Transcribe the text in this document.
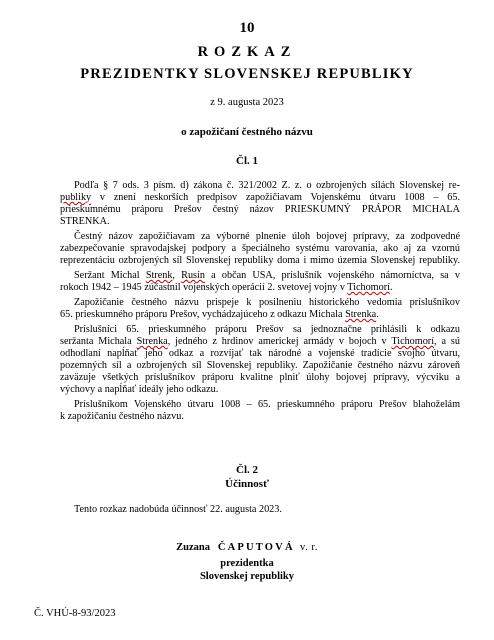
10
ROZKAZ
PREZIDENTKY SLOVENSKEJ REPUBLIKY
z 9. augusta 2023
o zapožičaní čestného názvu
Čl. 1
Podľa § 7 ods. 3 písm. d) zákona č. 321/2002 Z. z. o ozbrojených silách Slovenskej re-
publiky v znení neskorších predpisov zapožičiavam Vojenskému útvaru 1008 – 65.
prieskumnému práporu Prešov čestný názov PRIESKUMNÝ PRÁPOR MICHALA
STRENKA.
Čestný názov zapožičiavam za výborné plnenie úloh bojovej prípravy, za zodpovedné
zabezpečovanie spravodajskej podpory a špeciálneho systému varovania, ako aj za vzornú
reprezentáciu ozbrojených síl Slovenskej republiky doma i mimo územia Slovenskej republiky.
Seržant Michal Strenk, Rusín a občan USA, príslušník vojenského námorníctva, sa v
rokoch 1942 – 1945 zúčastnil vojenských operácií 2. svetovej vojny v Tichomorí.
Zapožičanie čestného názvu prispeje k posilneniu historického vedomia príslušníkov
65. prieskumného práporu Prešov, vychádzajúceho z odkazu Michala Strenka.
Príslušníci 65. prieskumného práporu Prešov sa jednoznačne prihlásili k odkazu
seržanta Michala Strenka, jedného z hrdinov americkej armády v bojoch v Tichomorí, a sú
odhodlaní napĺňať jeho odkaz a rozvíjať tak národné a vojenské tradície svojho útvaru,
pozemných síl a ozbrojených síl Slovenskej republiky. Zapožičanie čestného názvu zároveň
zaväzuje všetkých príslušníkov práporu kvalitne plniť úlohy bojovej prípravy, výcviku a
výchovy a napĺňať ideály jeho odkazu.
Príslušníkom Vojenského útvaru 1008 – 65. prieskumného práporu Prešov blahoželám
k zapožičaniu čestného názvu.
Čl. 2
Účinnosť
Tento rozkaz nadobúda účinnosť 22. augusta 2023.
Zuzana ČAPUTOVÁ v. r.
prezidentka
Slovenskej republiky
Č. VHÚ-8-93/2023
